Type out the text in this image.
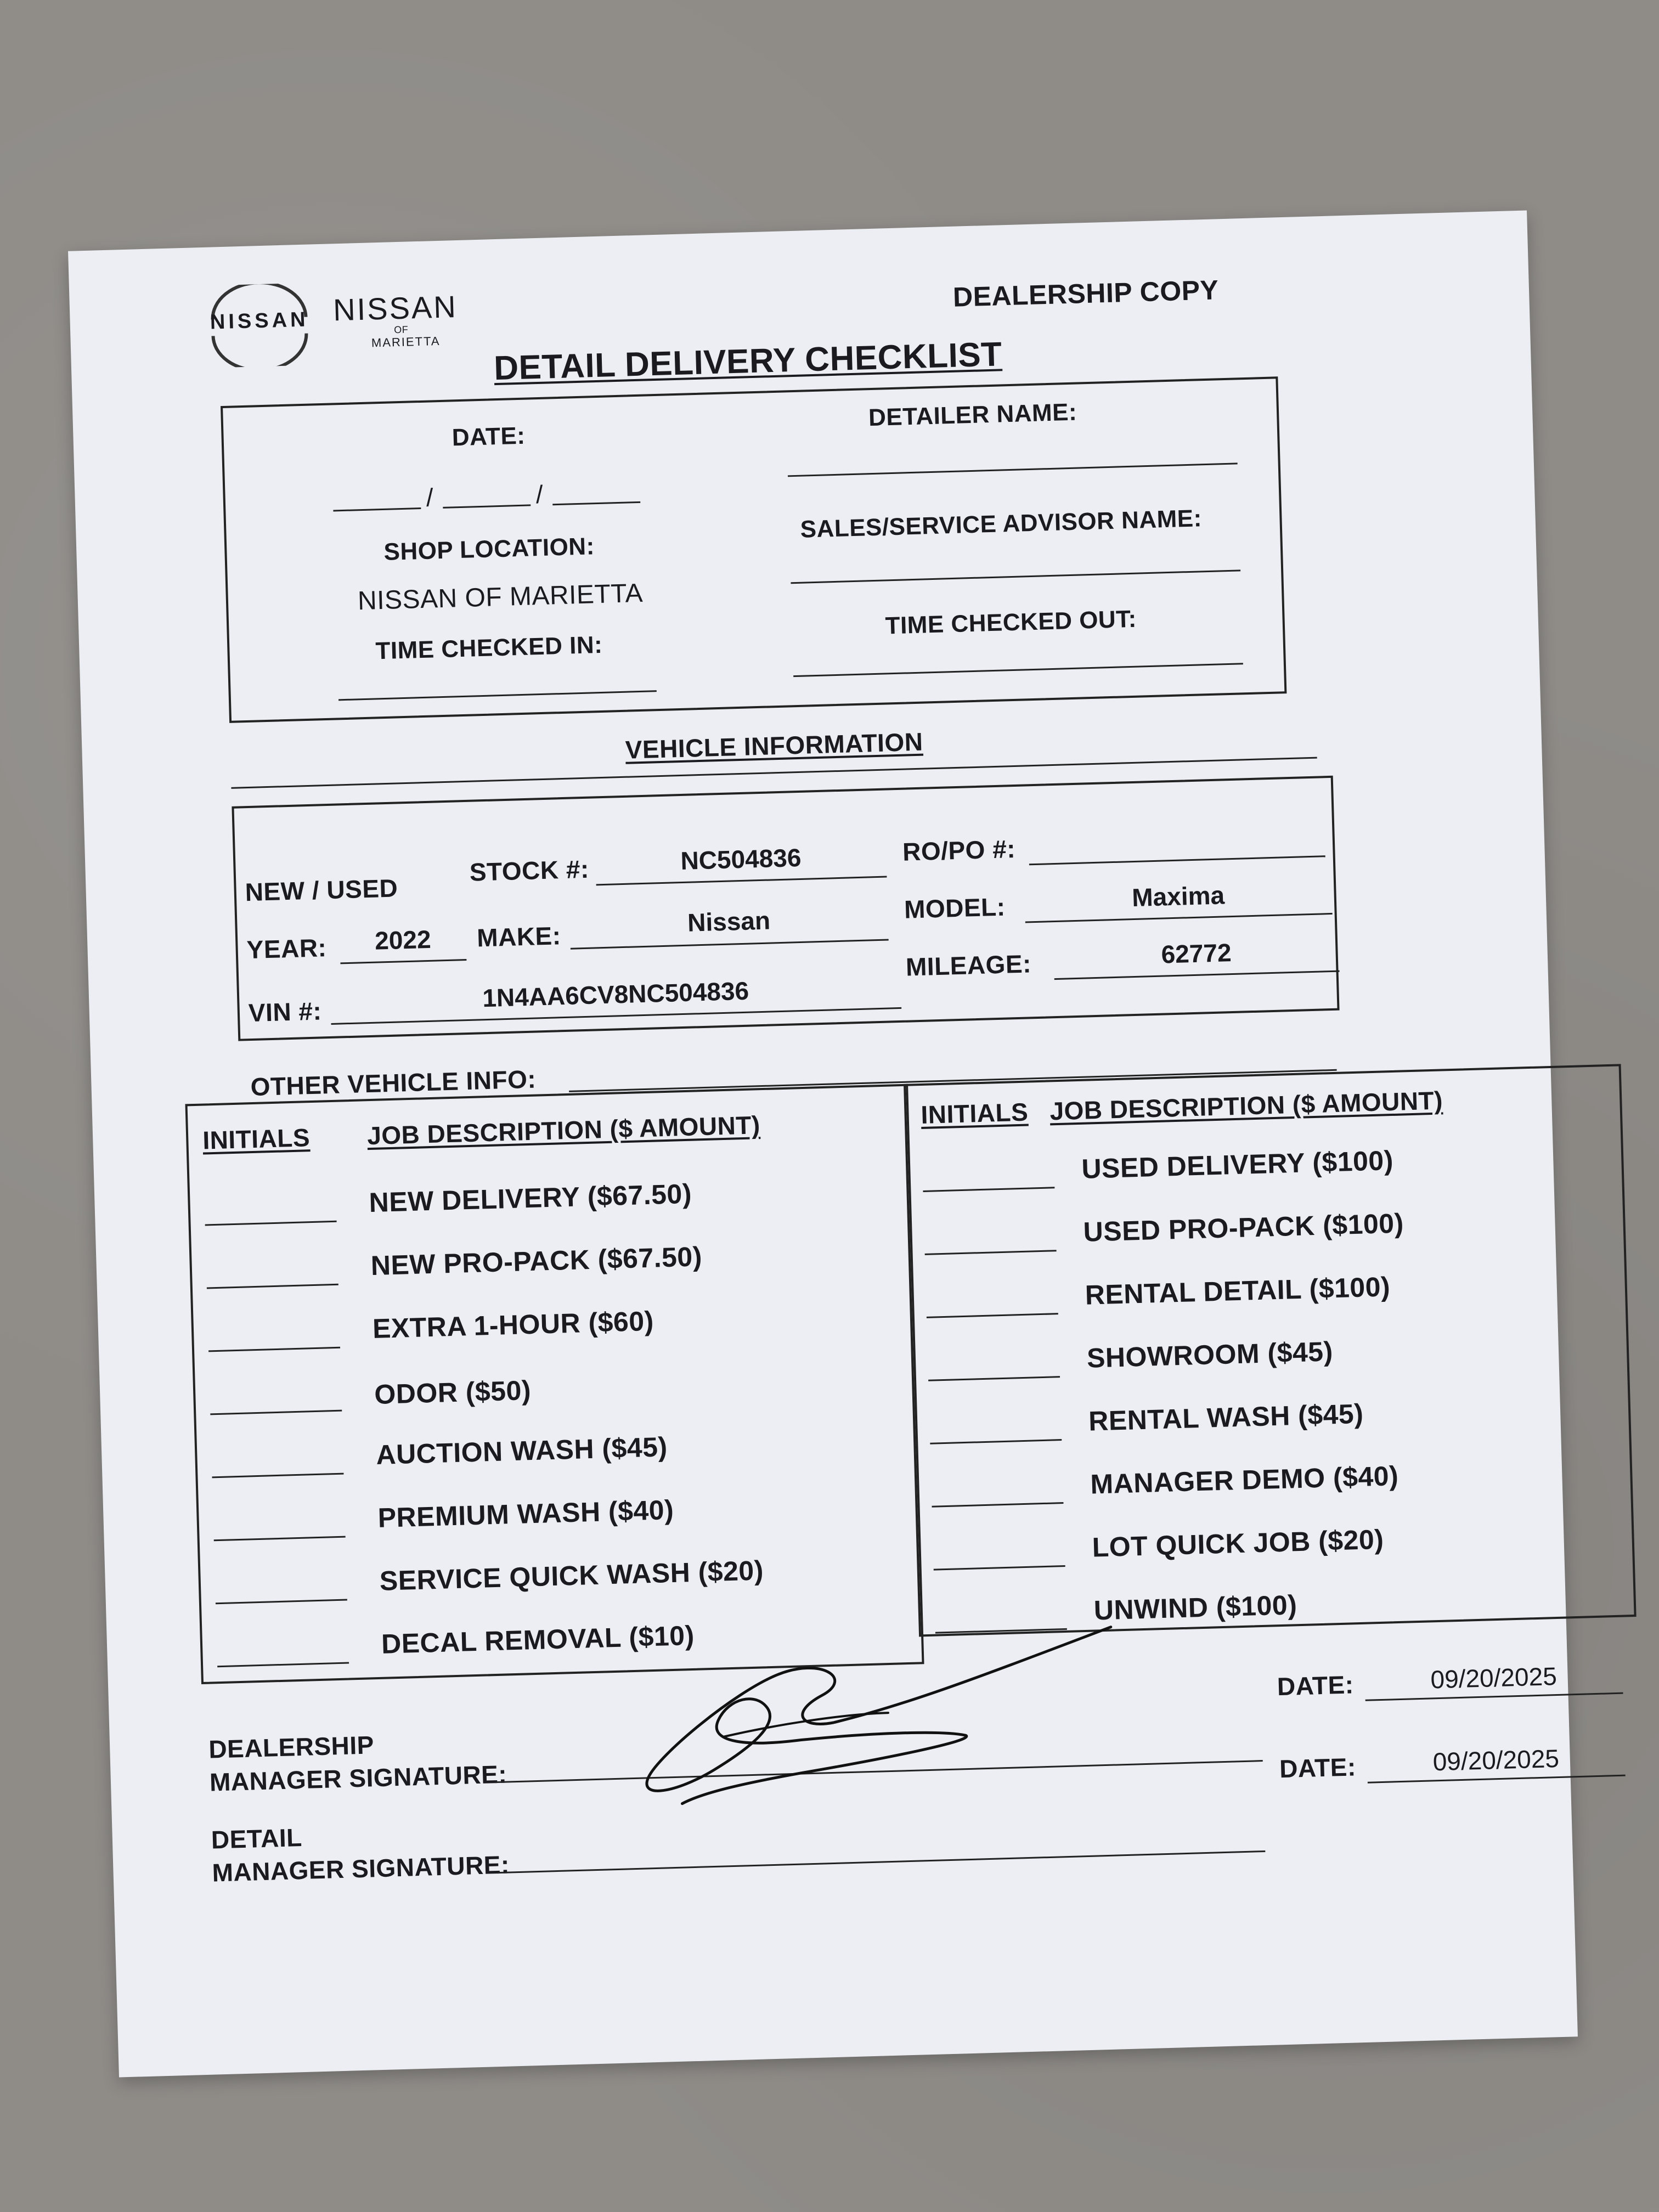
NISSAN NISSAN
OF
MARIETTA
DEALERSHIP COPY
DETAIL DELIVERY CHECKLIST
DATE:
/	/
DETAILER NAME:
SHOP LOCATION:
NISSAN OF MARIETTA
SALES/SERVICE ADVISOR NAME:
TIME CHECKED IN:
TIME CHECKED OUT:
VEHICLE INFORMATION
NEW / USED
STOCK #:	NC504836	RO/PO #:
YEAR:	2022	MAKE:	Nissan	MODEL:	Maxima
VIN #:	1N4AA6CV8NC504836
MILEAGE:	62772
OTHER VEHICLE INFO:
INITIALS JOB DESCRIPTION ($ AMOUNT)	INITIALS JOB DESCRIPTION ($ AMOUNT)
NEW DELIVERY ($67.50)
NEW PRO-PACK ($67.50)
EXTRA 1-HOUR ($60)
ODOR ($50)
AUCTION WASH ($45)
PREMIUM WASH ($40)
SERVICE QUICK WASH ($20)
DECAL REMOVAL ($10)
USED DELIVERY ($100)
USED PRO-PACK ($100)
RENTAL DETAIL ($100)
SHOWROOM ($45)
RENTAL WASH ($45)
MANAGER DEMO ($40)
LOT QUICK JOB ($20)
UNWIND ($100)
DEALERSHIP
MANAGER SIGNATURE:
DATE:	09/20/2025
DETAIL
MANAGER SIGNATURE:
DATE:	09/20/2025
